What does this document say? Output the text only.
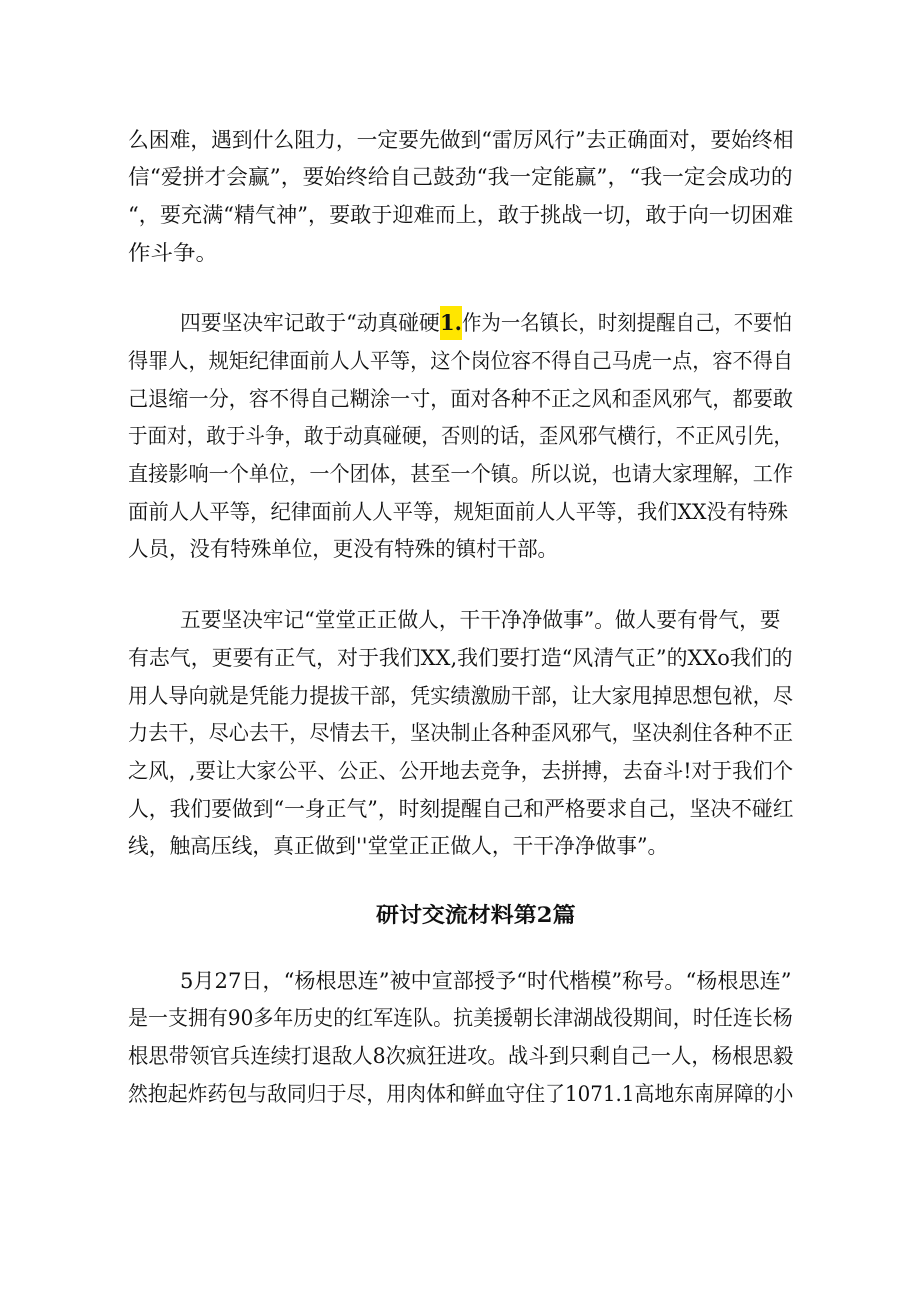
么困难，遇到什么阻力，一定要先做到“雷厉风行”去正确面对，要始终相
信“爱拼才会赢”，要始终给自己鼓劲“我一定能赢”，“我一定会成功的
“，要充满“精气神”，要敢于迎难而上，敢于挑战一切，敢于向一切困难
作斗争。
四要坚决牢记敢于“动真碰硬 1. 作为一名镇长，时刻提醒自己，不要怕
得罪人，规矩纪律面前人人平等，这个岗位容不得自己马虎一点，容不得自
己退缩一分，容不得自己糊涂一寸，面对各种不正之风和歪风邪气，都要敢
于面对，敢于斗争，敢于动真碰硬，否则的话，歪风邪气横行，不正风引先，
直接影响一个单位，一个团体，甚至一个镇。所以说，也请大家理解，工作
面前人人平等，纪律面前人人平等，规矩面前人人平等，我们XX没有特殊
人员，没有特殊单位，更没有特殊的镇村干部。
五要坚决牢记“堂堂正正做人，干干净净做事”。做人要有骨气，要
有志气，更要有正气，对于我们XX,我们要打造“风清气正”的XXo我们的
用人导向就是凭能力提拔干部，凭实绩激励干部，让大家甩掉思想包袱，尽
力去干，尽心去干，尽情去干，坚决制止各种歪风邪气，坚决刹住各种不正
之风，,要让大家公平、公正、公开地去竞争，去拼搏，去奋斗!对于我们个
人，我们要做到“一身正气”，时刻提醒自己和严格要求自己，坚决不碰红
线，触高压线，真正做到''堂堂正正做人，干干净净做事”。
研讨交流材料第2篇
5月27日，“杨根思连”被中宣部授予“时代楷模”称号。“杨根思连”
是一支拥有90多年历史的红军连队。抗美援朝长津湖战役期间，时任连长杨
根思带领官兵连续打退敌人8次疯狂进攻。战斗到只剩自己一人，杨根思毅
然抱起炸药包与敌同归于尽，用肉体和鲜血守住了1071.1高地东南屏障的小
